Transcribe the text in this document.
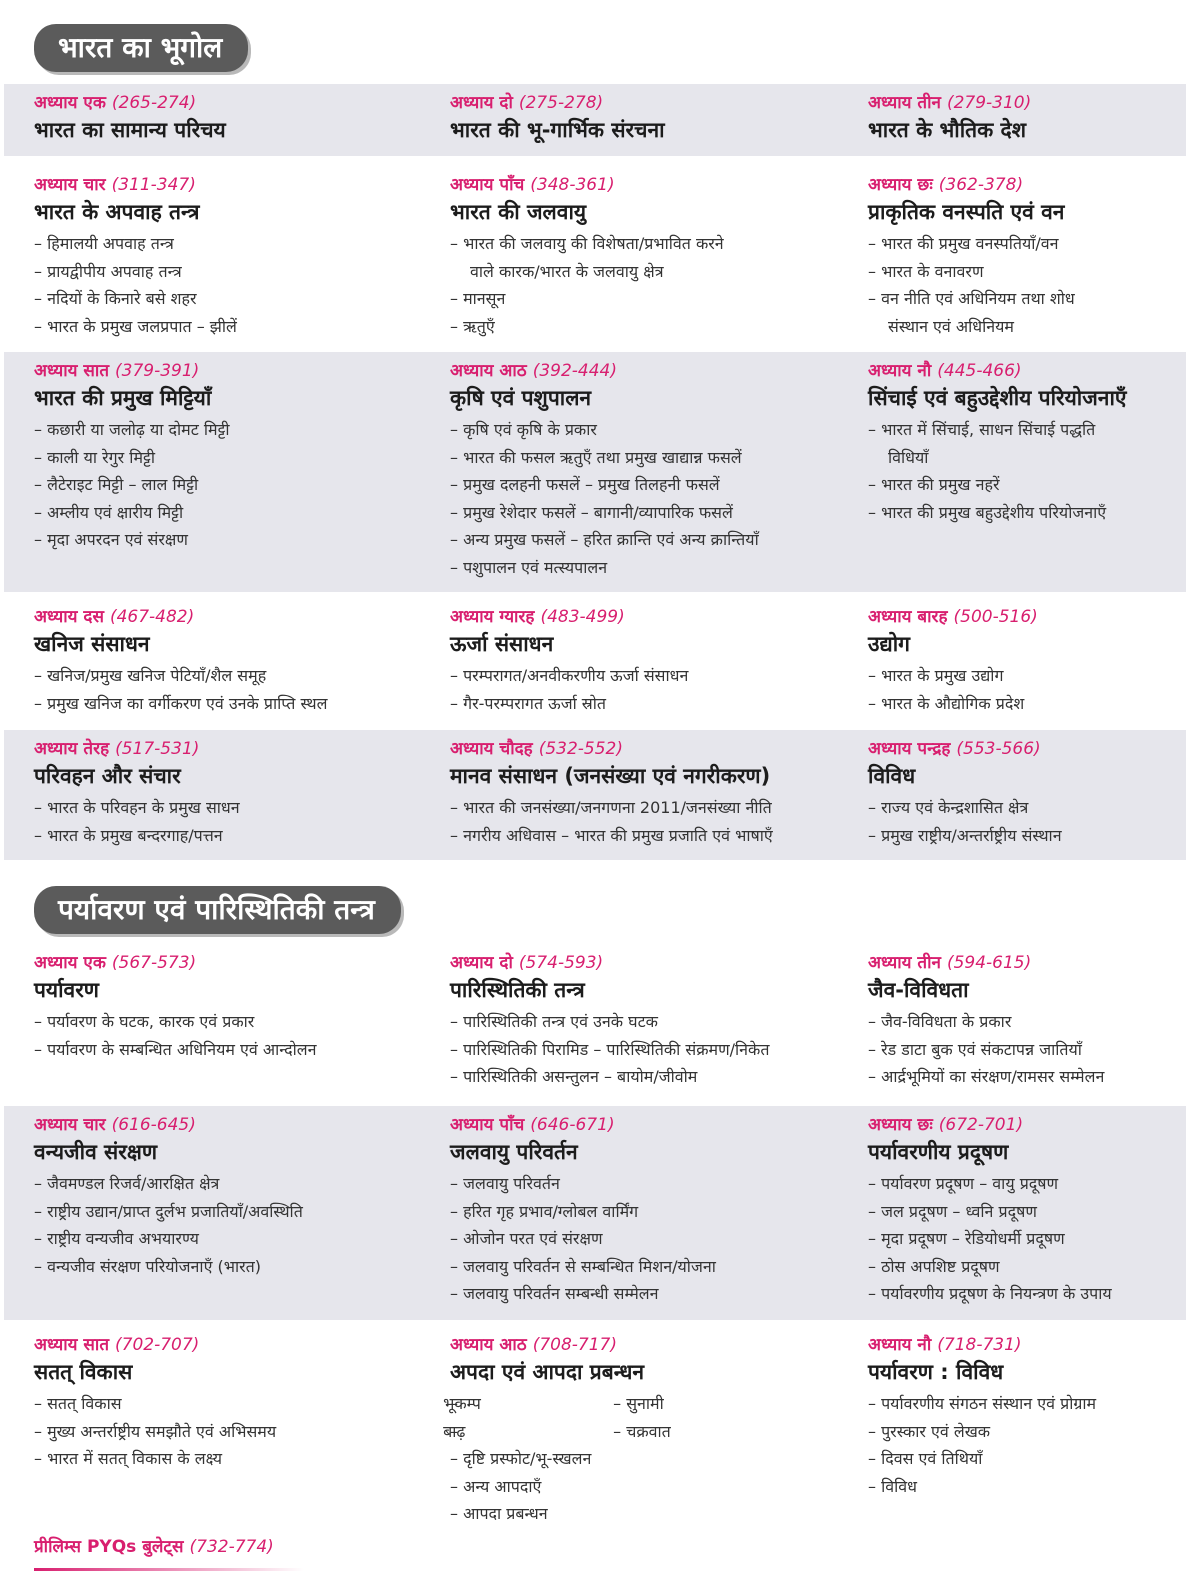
भारत का भूगोल
अध्याय एक (265-274)
भारत का सामान्य परिचय
अध्याय दो (275-278)
भारत की भू-गार्भिक संरचना
अध्याय तीन (279-310)
भारत के भौतिक देश
अध्याय चार (311-347)
भारत के अपवाह तन्त्र
– हिमालयी अपवाह तन्त्र
– प्रायद्वीपीय अपवाह तन्त्र
– नदियों के किनारे बसे शहर
– भारत के प्रमुख जलप्रपात – झीलें
अध्याय पाँच (348-361)
भारत की जलवायु
– भारत की जलवायु की विशेषता/प्रभावित करने
वाले कारक/भारत के जलवायु क्षेत्र
– मानसून
– ऋतुएँ
अध्याय छः (362-378)
प्राकृतिक वनस्पति एवं वन
– भारत की प्रमुख वनस्पतियाँ/वन
– भारत के वनावरण
– वन नीति एवं अधिनियम तथा शोध
संस्थान एवं अधिनियम
अध्याय सात (379-391)
भारत की प्रमुख मिट्टियाँ
– कछारी या जलोढ़ या दोमट मिट्टी
– काली या रेगुर मिट्टी
– लैटेराइट मिट्टी – लाल मिट्टी
– अम्लीय एवं क्षारीय मिट्टी
– मृदा अपरदन एवं संरक्षण
अध्याय आठ (392-444)
कृषि एवं पशुपालन
– कृषि एवं कृषि के प्रकार
– भारत की फसल ऋतुएँ तथा प्रमुख खाद्यान्न फसलें
– प्रमुख दलहनी फसलें – प्रमुख तिलहनी फसलें
– प्रमुख रेशेदार फसलें – बागानी/व्यापारिक फसलें
– अन्य प्रमुख फसलें – हरित क्रान्ति एवं अन्य क्रान्तियाँ
– पशुपालन एवं मत्स्यपालन
अध्याय नौ (445-466)
सिंचाई एवं बहुउद्देशीय परियोजनाएँ
– भारत में सिंचाई, साधन सिंचाई पद्धति
विधियाँ
– भारत की प्रमुख नहरें
– भारत की प्रमुख बहुउद्देशीय परियोजनाएँ
अध्याय दस (467-482)
खनिज संसाधन
– खनिज/प्रमुख खनिज पेटियाँ/शैल समूह
– प्रमुख खनिज का वर्गीकरण एवं उनके प्राप्ति स्थल
अध्याय ग्यारह (483-499)
ऊर्जा संसाधन
– परम्परागत/अनवीकरणीय ऊर्जा संसाधन
– गैर-परम्परागत ऊर्जा स्रोत
अध्याय बारह (500-516)
उद्योग
– भारत के प्रमुख उद्योग
– भारत के औद्योगिक प्रदेश
अध्याय तेरह (517-531)
परिवहन और संचार
– भारत के परिवहन के प्रमुख साधन
– भारत के प्रमुख बन्दरगाह/पत्तन
अध्याय चौदह (532-552)
मानव संसाधन (जनसंख्या एवं नगरीकरण)
– भारत की जनसंख्या/जनगणना 2011/जनसंख्या नीति
– नगरीय अधिवास – भारत की प्रमुख प्रजाति एवं भाषाएँ
अध्याय पन्द्रह (553-566)
विविध
– राज्य एवं केन्द्रशासित क्षेत्र
– प्रमुख राष्ट्रीय/अन्तर्राष्ट्रीय संस्थान
पर्यावरण एवं पारिस्थितिकी तन्त्र
अध्याय एक (567-573)
पर्यावरण
– पर्यावरण के घटक, कारक एवं प्रकार
– पर्यावरण के सम्बन्धित अधिनियम एवं आन्दोलन
अध्याय दो (574-593)
पारिस्थितिकी तन्त्र
– पारिस्थितिकी तन्त्र एवं उनके घटक
– पारिस्थितिकी पिरामिड – पारिस्थितिकी संक्रमण/निकेत
– पारिस्थितिकी असन्तुलन – बायोम/जीवोम
अध्याय तीन (594-615)
जैव-विविधता
– जैव-विविधता के प्रकार
– रेड डाटा बुक एवं संकटापन्न जातियाँ
– आर्द्रभूमियों का संरक्षण/रामसर सम्मेलन
अध्याय चार (616-645)
वन्यजीव संरक्षण
– जैवमण्डल रिजर्व/आरक्षित क्षेत्र
– राष्ट्रीय उद्यान/प्राप्त दुर्लभ प्रजातियाँ/अवस्थिति
– राष्ट्रीय वन्यजीव अभयारण्य
– वन्यजीव संरक्षण परियोजनाएँ (भारत)
अध्याय पाँच (646-671)
जलवायु परिवर्तन
– जलवायु परिवर्तन
– हरित गृह प्रभाव/ग्लोबल वार्मिंग
– ओजोन परत एवं संरक्षण
– जलवायु परिवर्तन से सम्बन्धित मिशन/योजना
– जलवायु परिवर्तन सम्बन्धी सम्मेलन
अध्याय छः (672-701)
पर्यावरणीय प्रदूषण
– पर्यावरण प्रदूषण – वायु प्रदूषण
– जल प्रदूषण – ध्वनि प्रदूषण
– मृदा प्रदूषण – रेडियोधर्मी प्रदूषण
– ठोस अपशिष्ट प्रदूषण
– पर्यावरणीय प्रदूषण के नियन्त्रण के उपाय
अध्याय सात (702-707)
सतत् विकास
– सतत् विकास
– मुख्य अन्तर्राष्ट्रीय समझौते एवं अभिसमय
– भारत में सतत् विकास के लक्ष्य
अध्याय आठ (708-717)
अपदा एवं आपदा प्रबन्धन
– भूकम्प	– सुनामी
– बाढ़	– चक्रवात
– दृष्टि प्रस्फोट/भू-स्खलन
– अन्य आपदाएँ
– आपदा प्रबन्धन
अध्याय नौ (718-731)
पर्यावरण : विविध
– पर्यावरणीय संगठन संस्थान एवं प्रोग्राम
– पुरस्कार एवं लेखक
– दिवस एवं तिथियाँ
– विविध
प्रीलिम्स PYQs बुलेट्स (732-774)
